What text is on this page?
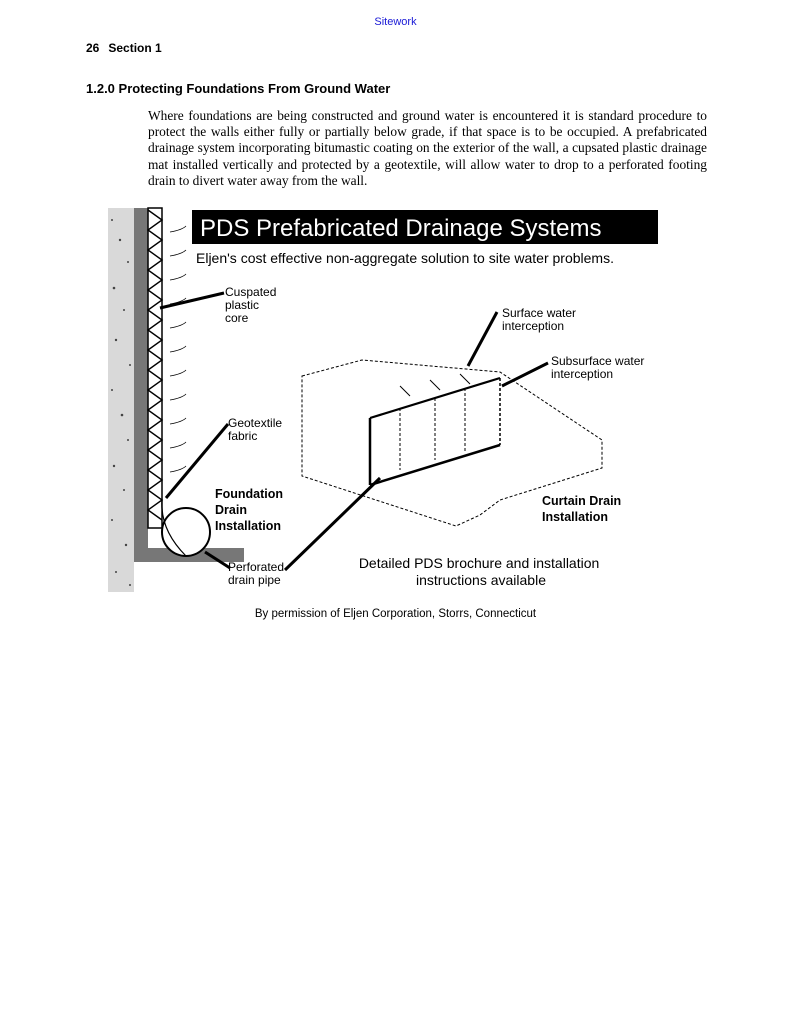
Sitework
26 Section 1
1.2.0 Protecting Foundations From Ground Water

Where foundations are being constructed and ground water is encountered it is standard procedure to protect the walls either fully or partially below grade, if that space is to be occupied. A prefabricated drainage system incorporating bitumastic coating on the exterior of the wall, a cupsated plastic drainage mat installed vertically and protected by a geotextile, will allow water to drop to a perforated footing drain to divert water away from the wall.

PDS Prefabricated Drainage Systems
Eljen's cost effective non-aggregate solution to site water problems.
Cuspated plastic core
Geotextile fabric
Foundation Drain Installation
Perforated drain pipe
Surface water interception
Subsurface water interception
Curtain Drain Installation
Detailed PDS brochure and installation instructions available
By permission of Eljen Corporation, Storrs, Connecticut
